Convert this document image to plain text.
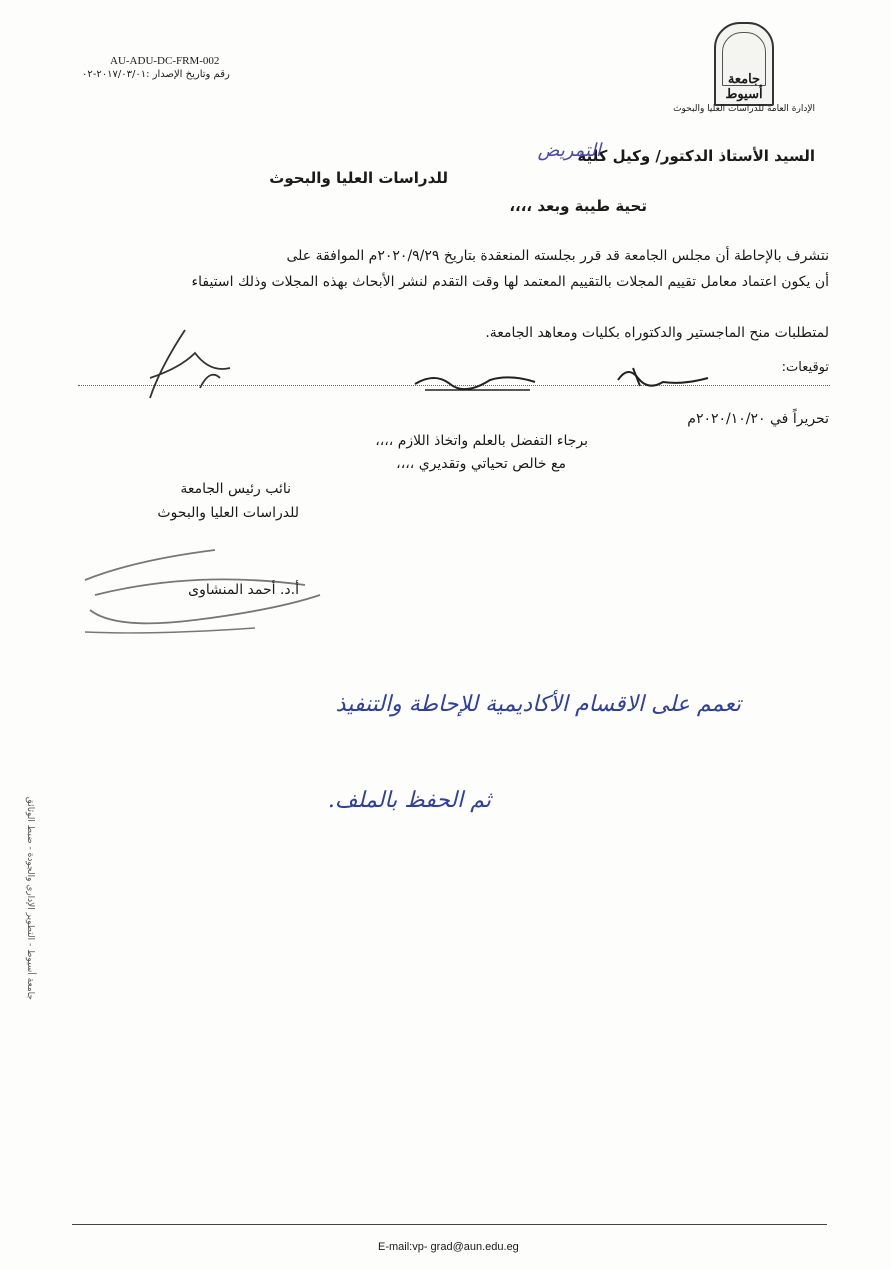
جامعة أسيوط
الإدارة العامة للدراسات العليا والبحوث
AU-ADU-DC-FRM-002
رقم وتاريخ الإصدار :٢٠١٧/٠٣/٠١-٠٢
السيد الأستاذ الدكتور/ وكيل كلية
التمريض
للدراسات العليا والبحوث
تحية طيبة وبعد ،،،،
نتشرف بالإحاطة أن مجلس الجامعة قد قرر بجلسته المنعقدة بتاريخ ٢٠٢٠/٩/٢٩م الموافقة على
أن يكون اعتماد معامل تقييم المجلات بالتقييم المعتمد لها وقت التقدم لنشر الأبحاث بهذه المجلات وذلك استيفاء
لمتطلبات منح الماجستير والدكتوراه بكليات ومعاهد الجامعة.
توقيعات:
تحريراً في ٢٠٢٠/١٠/٢٠م
برجاء التفضل بالعلم واتخاذ اللازم ،،،،
مع خالص تحياتي وتقديري ،،،،
نائب رئيس الجامعة
للدراسات العليا والبحوث
أ.د. أحمد المنشاوى
جامعة أسيوط - التطوير الإداري والجودة - ضبط الوثائق
تعمم على الاقسام الأكاديمية للإحاطة والتنفيذ
ثم الحفظ بالملف.
E-mail:vp- grad@aun.edu.eg
